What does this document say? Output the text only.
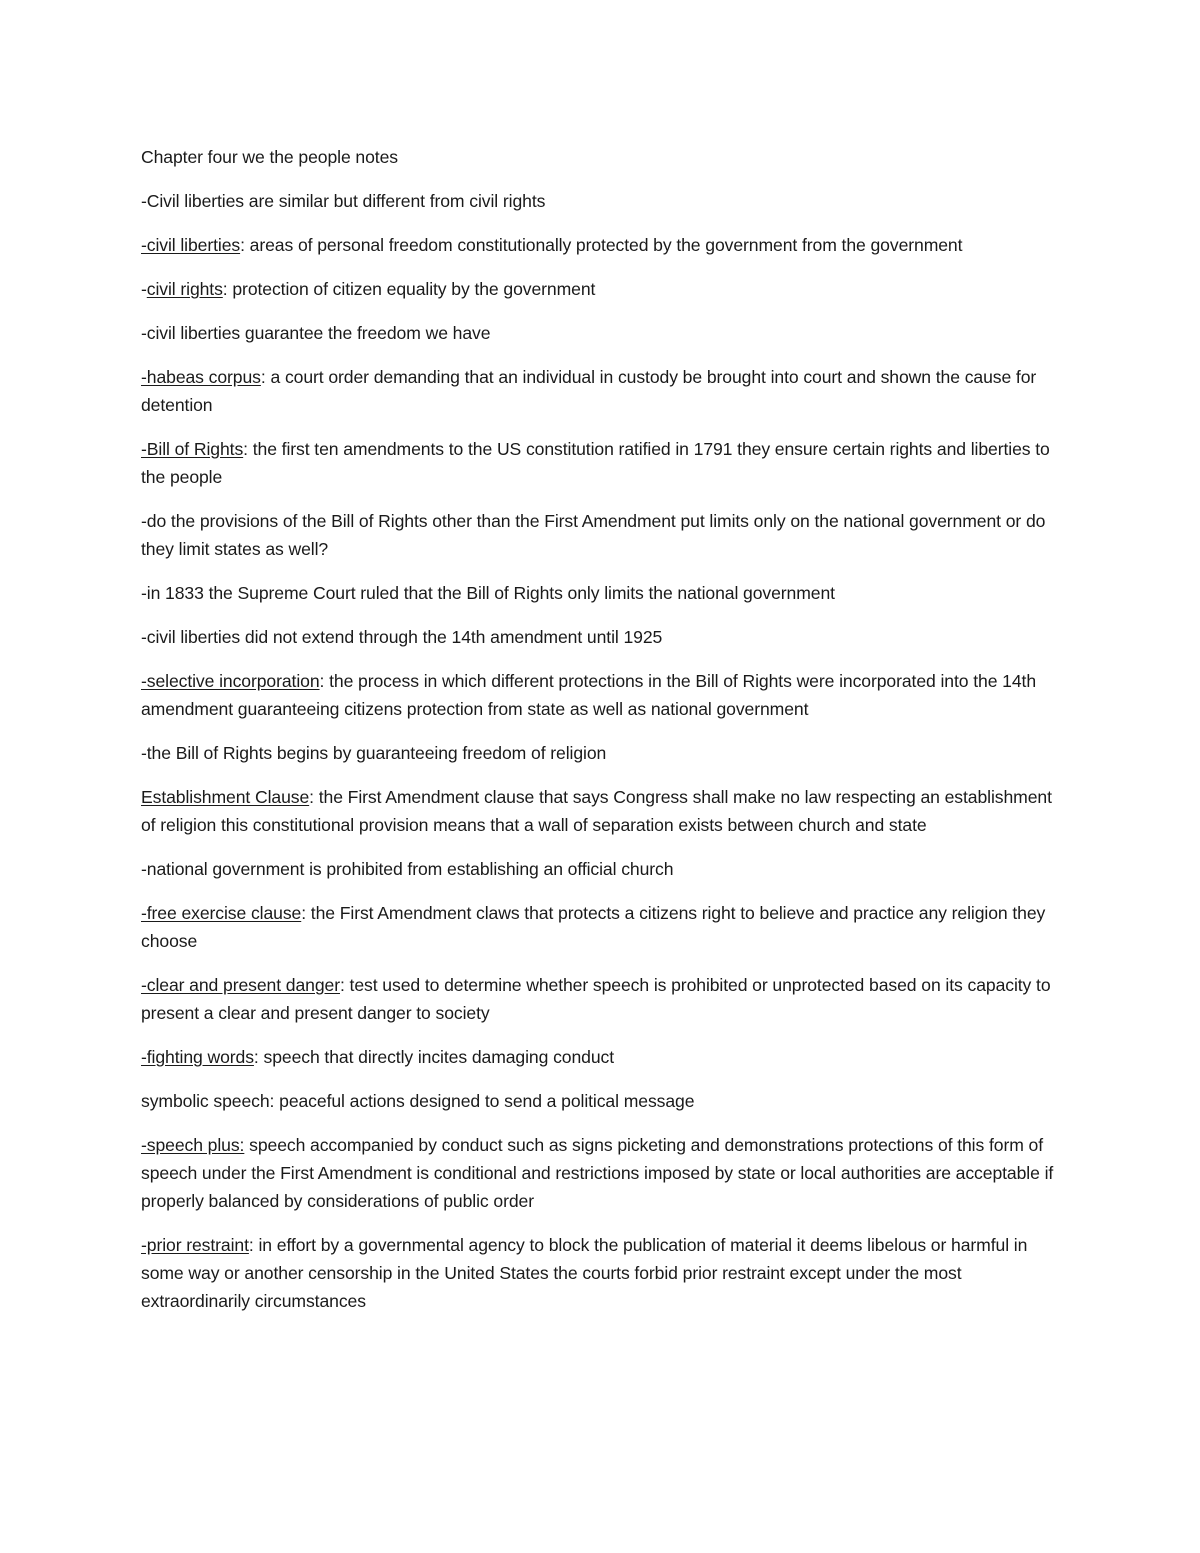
Chapter four we the people notes

-Civil liberties are similar but different from civil rights

-civil liberties: areas of personal freedom constitutionally protected by the government from the government

-civil rights: protection of citizen equality by the government

-civil liberties guarantee the freedom we have

-habeas corpus: a court order demanding that an individual in custody be brought into court and shown the cause for detention

-Bill of Rights: the first ten amendments to the US constitution ratified in 1791 they ensure certain rights and liberties to the people

-do the provisions of the Bill of Rights other than the First Amendment put limits only on the national government or do they limit states as well?

-in 1833 the Supreme Court ruled that the Bill of Rights only limits the national government

-civil liberties did not extend through the 14th amendment until 1925

-selective incorporation: the process in which different protections in the Bill of Rights were incorporated into the 14th amendment guaranteeing citizens protection from state as well as national government

-the Bill of Rights begins by guaranteeing freedom of religion

Establishment Clause: the First Amendment clause that says Congress shall make no law respecting an establishment of religion this constitutional provision means that a wall of separation exists between church and state

-national government is prohibited from establishing an official church

-free exercise clause: the First Amendment claws that protects a citizens right to believe and practice any religion they choose

-clear and present danger: test used to determine whether speech is prohibited or unprotected based on its capacity to present a clear and present danger to society

-fighting words: speech that directly incites damaging conduct

symbolic speech: peaceful actions designed to send a political message

-speech plus: speech accompanied by conduct such as signs picketing and demonstrations protections of this form of speech under the First Amendment is conditional and restrictions imposed by state or local authorities are acceptable if properly balanced by considerations of public order

-prior restraint: in effort by a governmental agency to block the publication of material it deems libelous or harmful in some way or another censorship in the United States the courts forbid prior restraint except under the most extraordinarily circumstances
